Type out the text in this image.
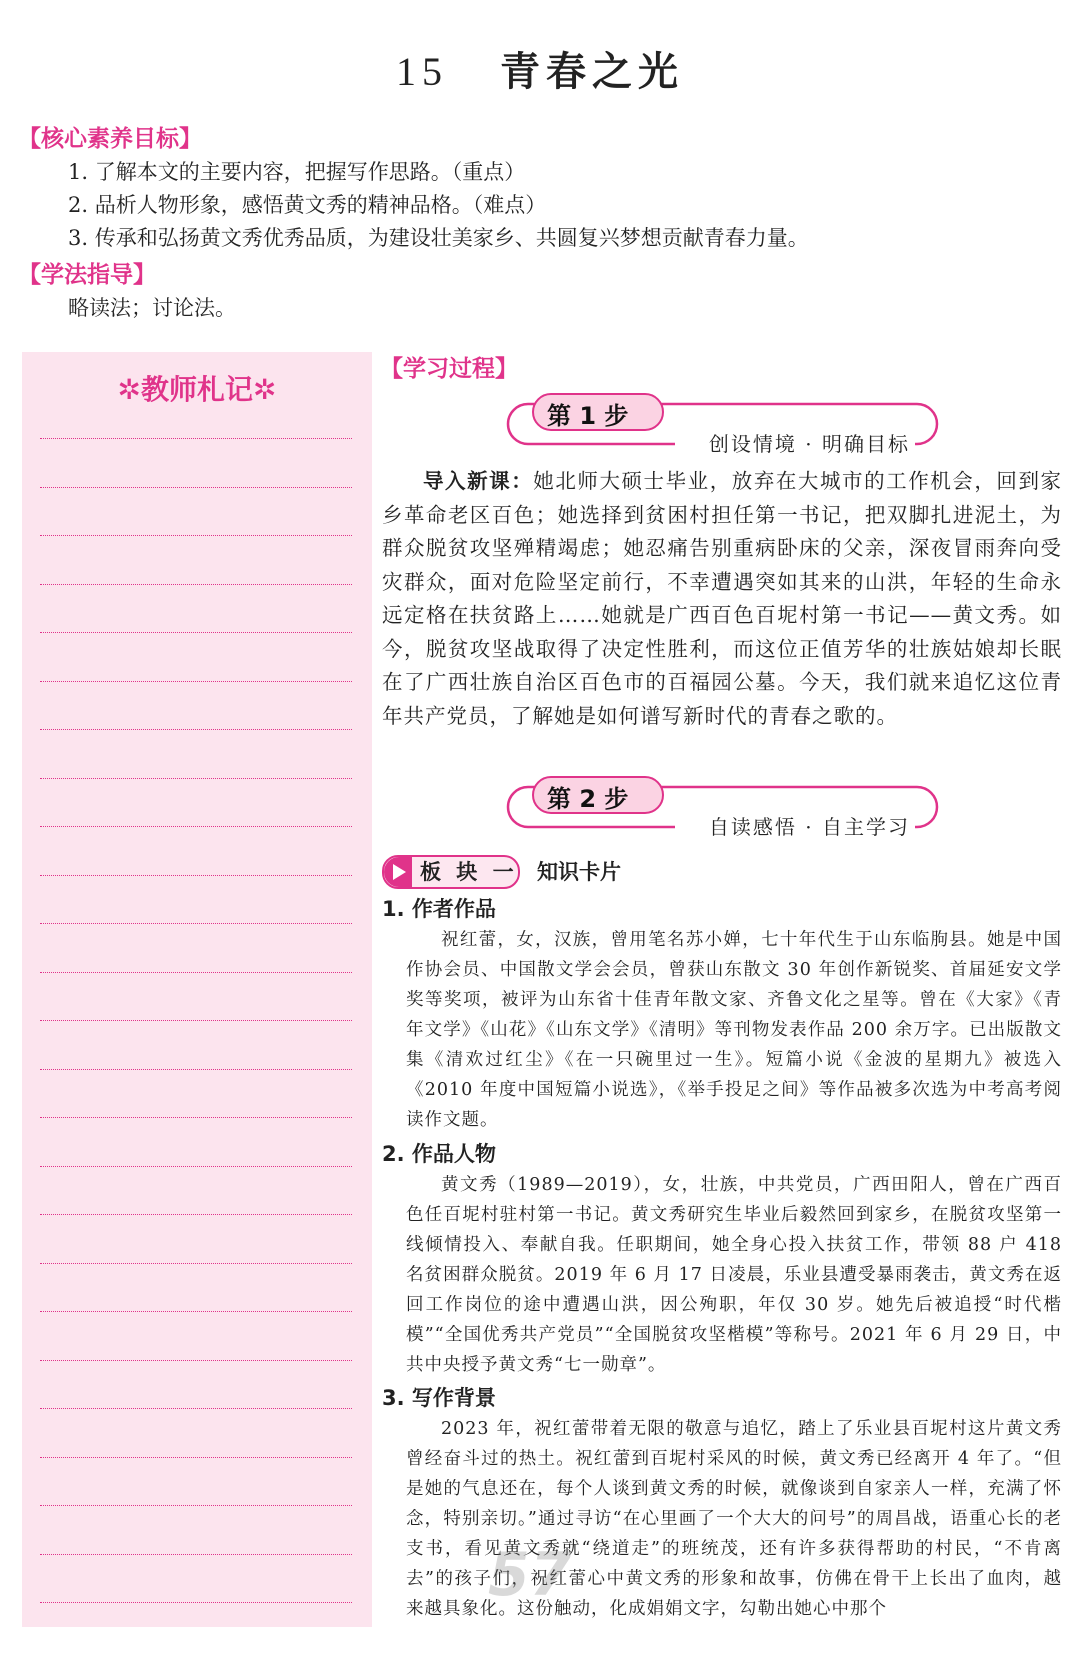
15 青春之光
【核心素养目标】
1. 了解本文的主要内容，把握写作思路。（重点）
2. 品析人物形象，感悟黄文秀的精神品格。（难点）
3. 传承和弘扬黄文秀优秀品质，为建设壮美家乡、共圆复兴梦想贡献青春力量。
【学法指导】
略读法；讨论法。
✲教师札记✲
【学习过程】
第 1 步
创设情境 · 明确目标

导入新课：她北师大硕士毕业，放弃在大城市的工作机会，回到家乡革命老区百色；她选择到贫困村担任第一书记，把双脚扎进泥土，为群众脱贫攻坚殚精竭虑；她忍痛告别重病卧床的父亲，深夜冒雨奔向受灾群众，面对危险坚定前行，不幸遭遇突如其来的山洪，年轻的生命永远定格在扶贫路上……她就是广西百色百坭村第一书记——黄文秀。如今，脱贫攻坚战取得了决定性胜利，而这位正值芳华的壮族姑娘却长眠在了广西壮族自治区百色市的百福园公墓。今天，我们就来追忆这位青年共产党员，了解她是如何谱写新时代的青春之歌的。

第 2 步
自读感悟 · 自主学习
板 块 一 知识卡片
1. 作者作品

祝红蕾，女，汉族，曾用笔名苏小婵，七十年代生于山东临朐县。她是中国作协会员、中国散文学会会员，曾获山东散文 30 年创作新锐奖、首届延安文学奖等奖项，被评为山东省十佳青年散文家、齐鲁文化之星等。曾在《大家》《青年文学》《山花》《山东文学》《清明》等刊物发表作品 200 余万字。已出版散文集《清欢过红尘》《在一只碗里过一生》。短篇小说《金波的星期九》被选入《2010 年度中国短篇小说选》，《举手投足之间》等作品被多次选为中考高考阅读作文题。

2. 作品人物

黄文秀（1989—2019），女，壮族，中共党员，广西田阳人，曾在广西百色任百坭村驻村第一书记。黄文秀研究生毕业后毅然回到家乡，在脱贫攻坚第一线倾情投入、奉献自我。任职期间，她全身心投入扶贫工作，带领 88 户 418 名贫困群众脱贫。2019 年 6 月 17 日凌晨，乐业县遭受暴雨袭击，黄文秀在返回工作岗位的途中遭遇山洪，因公殉职，年仅 30 岁。她先后被追授“时代楷模”“全国优秀共产党员”“全国脱贫攻坚楷模”等称号。2021 年 6 月 29 日，中共中央授予黄文秀“七一勋章”。

3. 写作背景

2023 年，祝红蕾带着无限的敬意与追忆，踏上了乐业县百坭村这片黄文秀曾经奋斗过的热土。祝红蕾到百坭村采风的时候，黄文秀已经离开 4 年了。“但是她的气息还在，每个人谈到黄文秀的时候，就像谈到自家亲人一样，充满了怀念，特别亲切。”通过寻访“在心里画了一个大大的问号”的周昌战，语重心长的老支书，看见黄文秀就“绕道走”的班统茂，还有许多获得帮助的村民，“不肯离去”的孩子们，祝红蕾心中黄文秀的形象和故事，仿佛在骨干上长出了血肉，越来越具象化。这份触动，化成娟娟文字，勾勒出她心中那个

57
